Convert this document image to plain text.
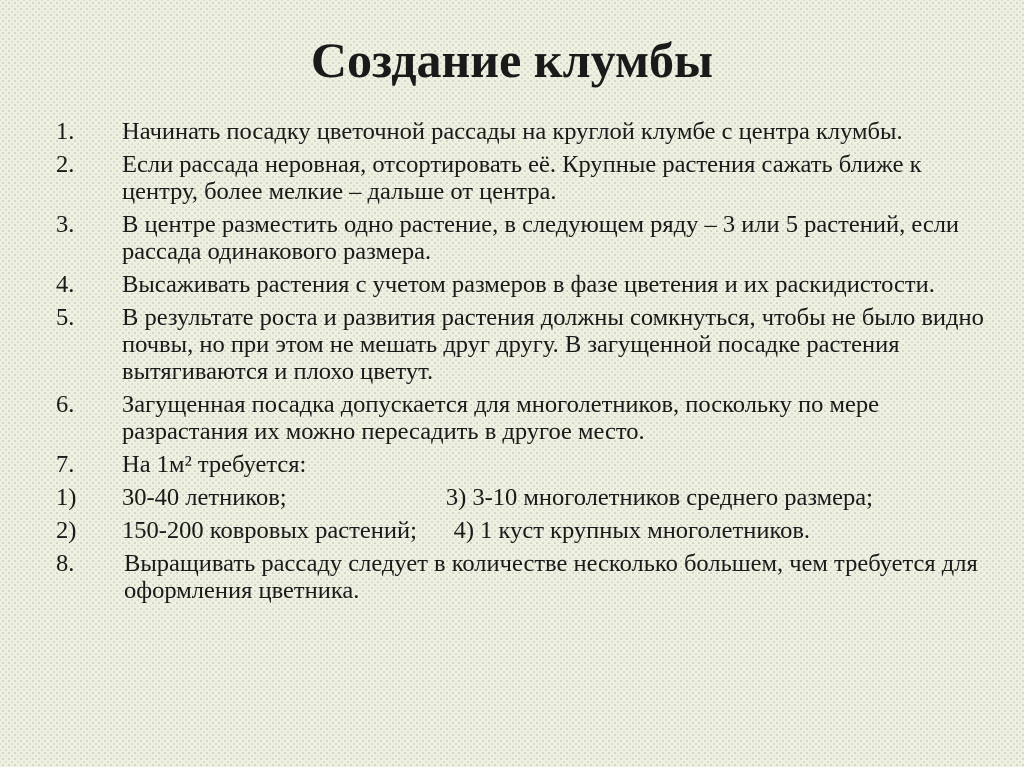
Создание клумбы
1. Начинать посадку цветочной рассады на круглой клумбе с центра клумбы.
2. Если рассада неровная, отсортировать её. Крупные растения сажать ближе к центру, более мелкие – дальше от центра.
3. В центре разместить одно растение, в следующем ряду – 3 или 5 растений, если рассада одинакового размера.
4. Высаживать растения с учетом размеров в фазе цветения и их раскидистости.
5. В результате роста и развития растения должны сомкнуться, чтобы не было видно почвы, но при этом не мешать друг другу. В загущенной посадке растения вытягиваются и плохо цветут.
6. Загущенная посадка допускается для многолетников, поскольку по мере разрастания их можно пересадить в другое место.
7. На 1м² требуется:
1) 30-40 летников;                          3) 3-10 многолетников среднего размера;
2) 150-200 ковровых растений;      4) 1 куст крупных многолетников.
8. Выращивать рассаду следует в количестве несколько большем, чем требуется для оформления цветника.
